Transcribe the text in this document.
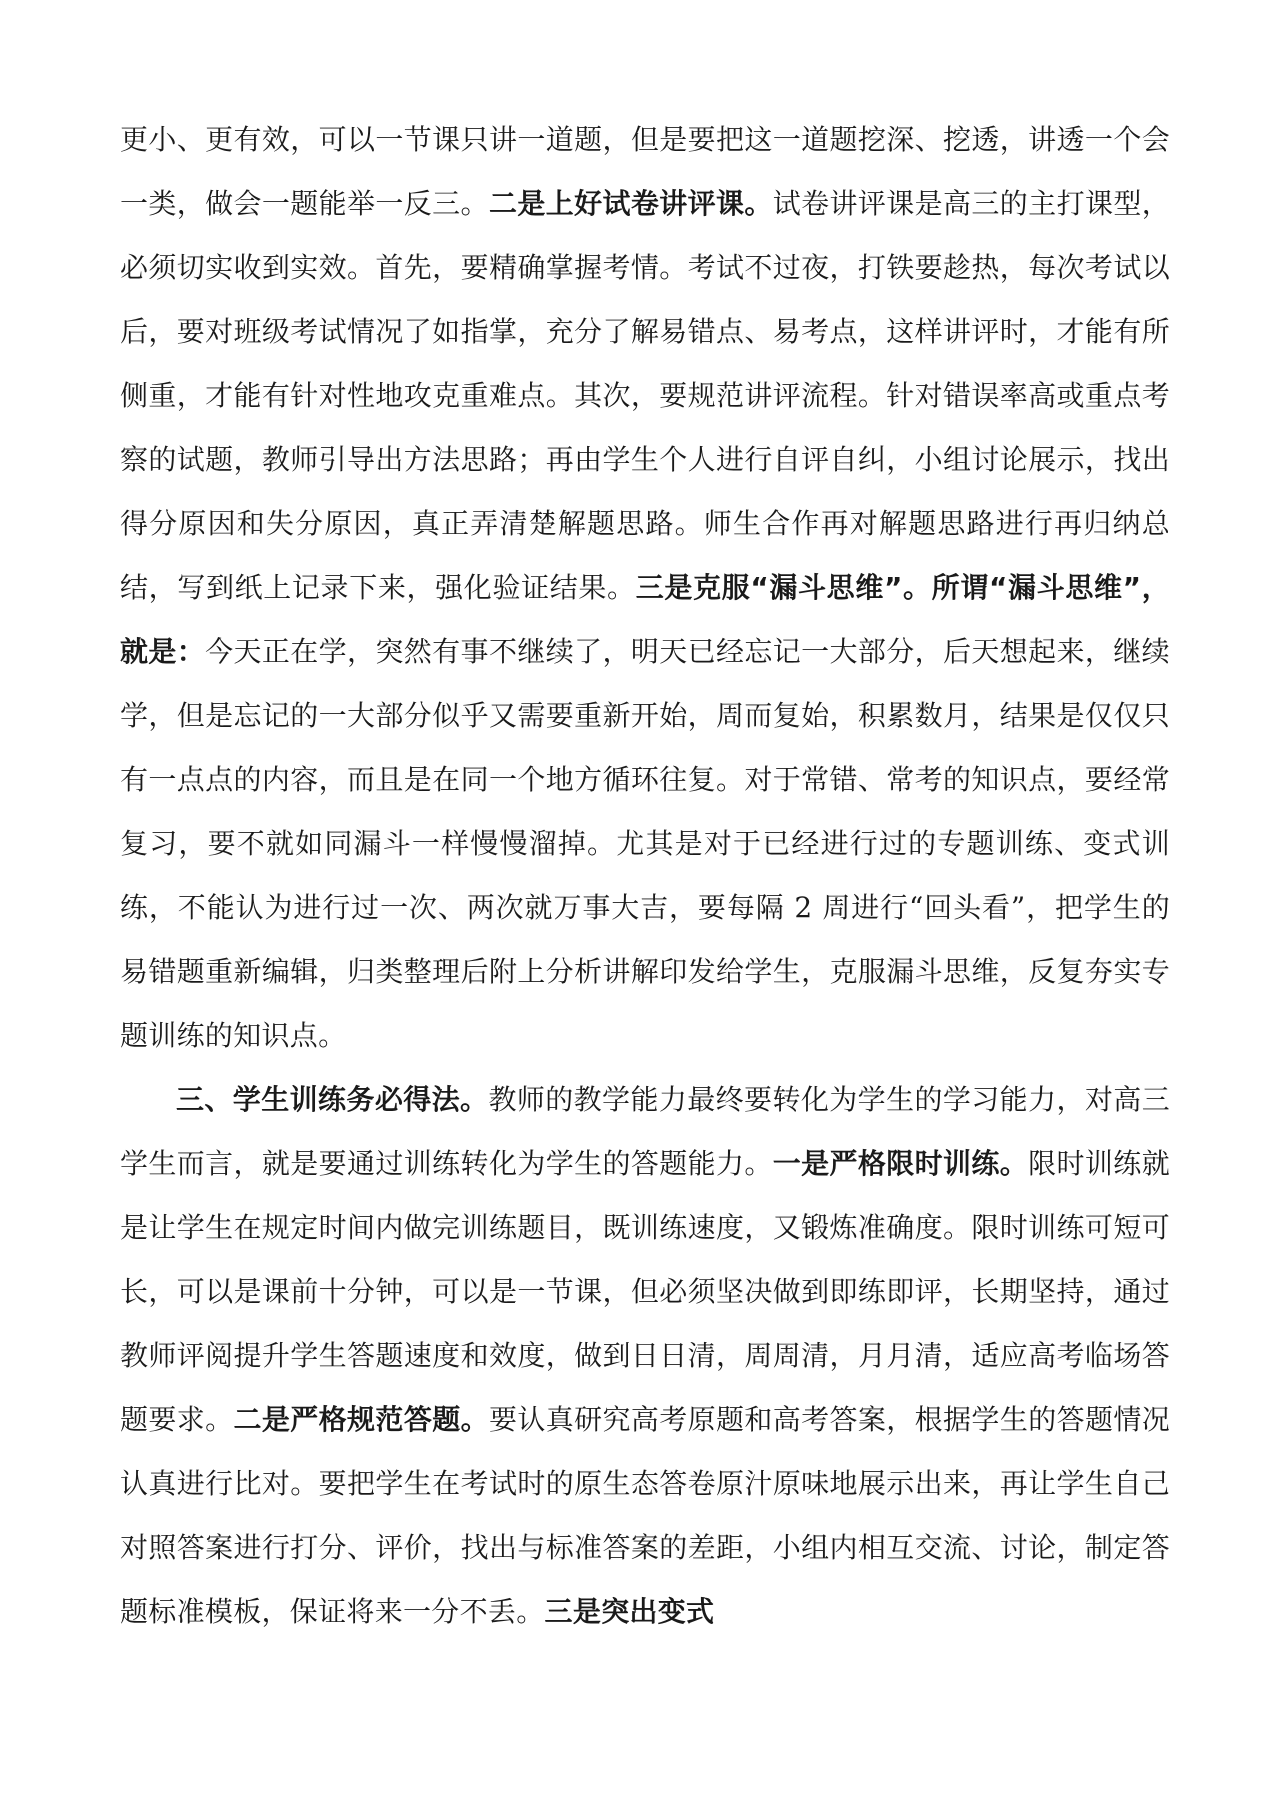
更小、更有效，可以一节课只讲一道题，但是要把这一道题挖深、挖透，讲透一个会一类，做会一题能举一反三。二是上好试卷讲评课。试卷讲评课是高三的主打课型，必须切实收到实效。首先，要精确掌握考情。考试不过夜，打铁要趁热，每次考试以后，要对班级考试情况了如指掌，充分了解易错点、易考点，这样讲评时，才能有所侧重，才能有针对性地攻克重难点。其次，要规范讲评流程。针对错误率高或重点考察的试题，教师引导出方法思路；再由学生个人进行自评自纠，小组讨论展示，找出得分原因和失分原因，真正弄清楚解题思路。师生合作再对解题思路进行再归纳总结，写到纸上记录下来，强化验证结果。三是克服“漏斗思维”。所谓“漏斗思维”，就是：今天正在学，突然有事不继续了，明天已经忘记一大部分，后天想起来，继续学，但是忘记的一大部分似乎又需要重新开始，周而复始，积累数月，结果是仅仅只有一点点的内容，而且是在同一个地方循环往复。对于常错、常考的知识点，要经常复习，要不就如同漏斗一样慢慢溜掉。尤其是对于已经进行过的专题训练、变式训练，不能认为进行过一次、两次就万事大吉，要每隔 2 周进行“回头看”，把学生的易错题重新编辑，归类整理后附上分析讲解印发给学生，克服漏斗思维，反复夯实专题训练的知识点。

三、学生训练务必得法。教师的教学能力最终要转化为学生的学习能力，对高三学生而言，就是要通过训练转化为学生的答题能力。一是严格限时训练。限时训练就是让学生在规定时间内做完训练题目，既训练速度，又锻炼准确度。限时训练可短可长，可以是课前十分钟，可以是一节课，但必须坚决做到即练即评，长期坚持，通过教师评阅提升学生答题速度和效度，做到日日清，周周清，月月清，适应高考临场答题要求。二是严格规范答题。要认真研究高考原题和高考答案，根据学生的答题情况认真进行比对。要把学生在考试时的原生态答卷原汁原味地展示出来，再让学生自己对照答案进行打分、评价，找出与标准答案的差距，小组内相互交流、讨论，制定答题标准模板，保证将来一分不丢。三是突出变式
